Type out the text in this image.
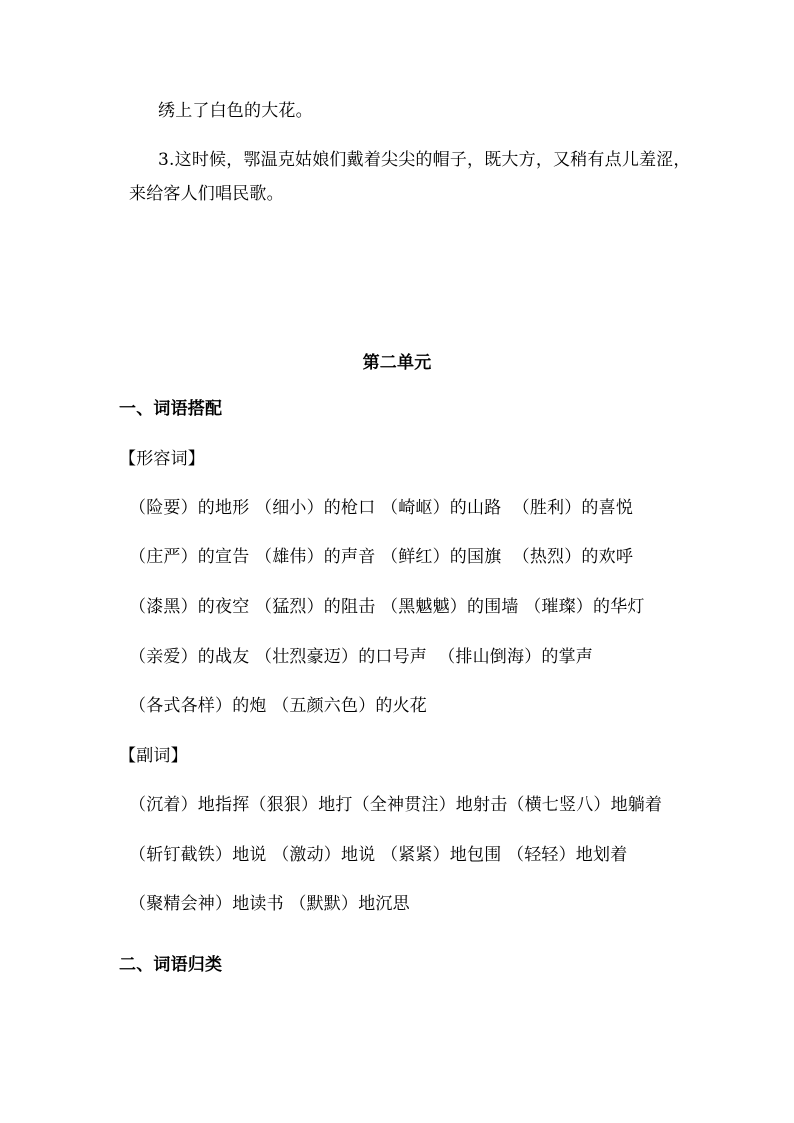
绣上了白色的大花。
3.这时候，鄂温克姑娘们戴着尖尖的帽子，既大方，又稍有点儿羞涩，
来给客人们唱民歌。
第二单元
一、词语搭配
【形容词】
（险要）的地形 （细小）的枪口 （崎岖）的山路  （胜利）的喜悦
（庄严）的宣告 （雄伟）的声音 （鲜红）的国旗  （热烈）的欢呼
（漆黑）的夜空 （猛烈）的阻击 （黑魆魆）的围墙 （璀璨）的华灯
（亲爱）的战友 （壮烈豪迈）的口号声  （排山倒海）的掌声
（各式各样）的炮 （五颜六色）的火花
【副词】
（沉着）地指挥（狠狠）地打（全神贯注）地射击（横七竖八）地躺着
（斩钉截铁）地说 （激动）地说 （紧紧）地包围 （轻轻）地划着
（聚精会神）地读书 （默默）地沉思
二、词语归类
